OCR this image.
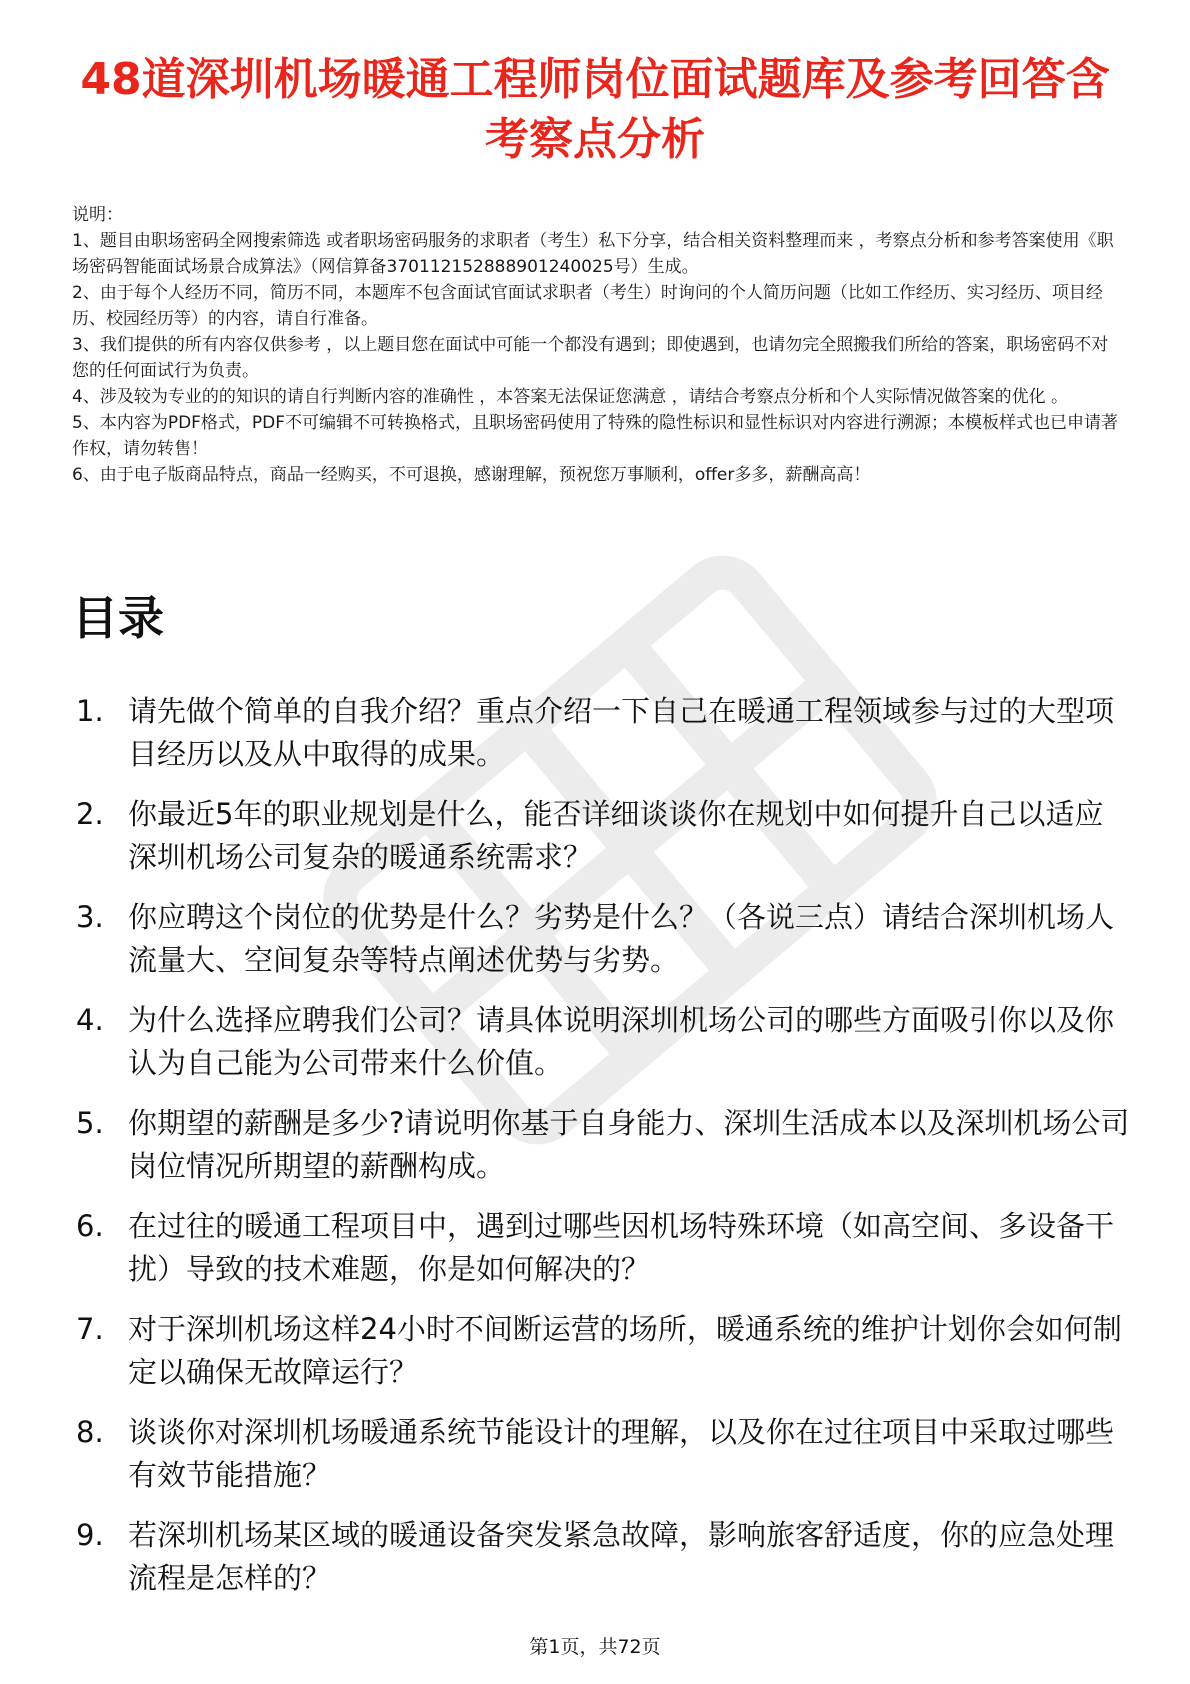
48道深圳机场暖通工程师岗位面试题库及参考回答含考察点分析

说明：

1、题目由职场密码全网搜索筛选 或者职场密码服务的求职者（考生）私下分享，结合相关资料整理而来 ，考察点分析和参考答案使用《职场密码智能面试场景合成算法》（网信算备370112152888901240025号）生成。

2、由于每个人经历不同，简历不同，本题库不包含面试官面试求职者（考生）时询问的个人简历问题（比如工作经历、实习经历、项目经历、校园经历等）的内容，请自行准备。

3、我们提供的所有内容仅供参考 ，以上题目您在面试中可能一个都没有遇到；即使遇到，也请勿完全照搬我们所给的答案，职场密码不对您的任何面试行为负责。

4、涉及较为专业的的知识的请自行判断内容的准确性 ，本答案无法保证您满意 ，请结合考察点分析和个人实际情况做答案的优化 。

5、本内容为PDF格式，PDF不可编辑不可转换格式，且职场密码使用了特殊的隐性标识和显性标识对内容进行溯源；本模板样式也已申请著作权，请勿转售！

6、由于电子版商品特点，商品一经购买，不可退换，感谢理解，预祝您万事顺利，offer多多，薪酬高高！

目录
1. 请先做个简单的自我介绍？重点介绍一下自己在暖通工程领域参与过的大型项目经历以及从中取得的成果。
2. 你最近5年的职业规划是什么，能否详细谈谈你在规划中如何提升自己以适应深圳机场公司复杂的暖通系统需求？
3. 你应聘这个岗位的优势是什么？劣势是什么？（各说三点）请结合深圳机场人流量大、空间复杂等特点阐述优势与劣势。
4. 为什么选择应聘我们公司？请具体说明深圳机场公司的哪些方面吸引你以及你认为自己能为公司带来什么价值。
5. 你期望的薪酬是多少?请说明你基于自身能力、深圳生活成本以及深圳机场公司岗位情况所期望的薪酬构成。
6. 在过往的暖通工程项目中，遇到过哪些因机场特殊环境（如高空间、多设备干扰）导致的技术难题，你是如何解决的？
7. 对于深圳机场这样24小时不间断运营的场所，暖通系统的维护计划你会如何制定以确保无故障运行？
8. 谈谈你对深圳机场暖通系统节能设计的理解，以及你在过往项目中采取过哪些有效节能措施？
9. 若深圳机场某区域的暖通设备突发紧急故障，影响旅客舒适度，你的应急处理流程是怎样的？
第1页，共72页
